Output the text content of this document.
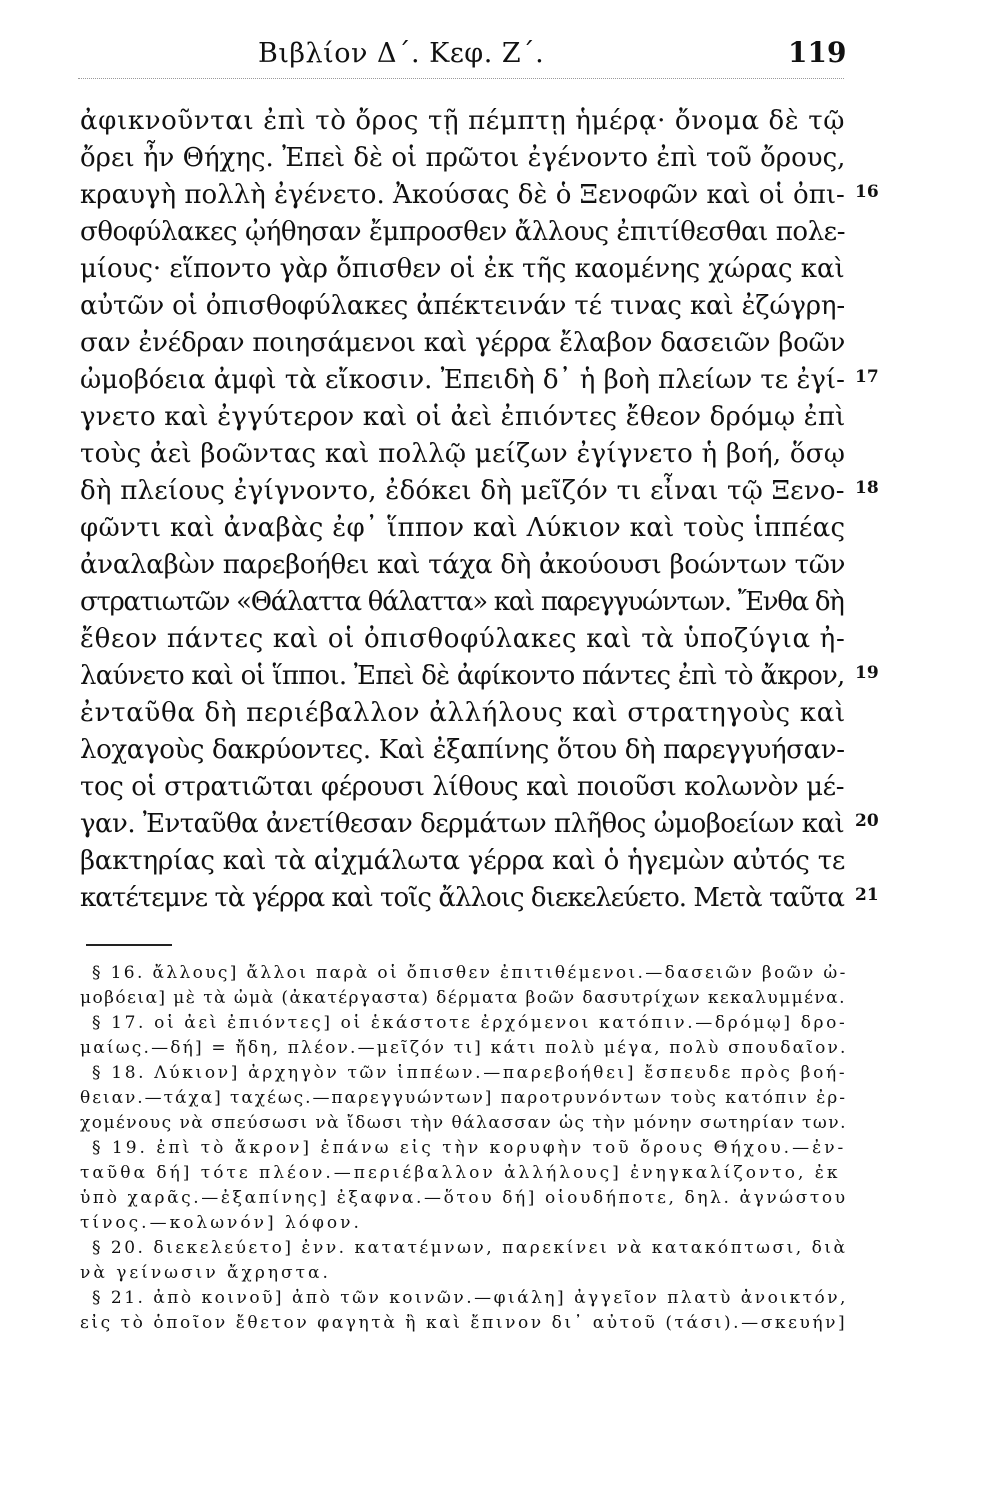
Βιβλίον Δ΄. Κεφ. Ζ΄.	119
ἀφικνοῦνται ἐπὶ τὸ ὄρος τῇ πέμπτῃ ἡμέρᾳ· ὄνομα δὲ τῷ
ὄρει ἦν Θήχης. Ἐπεὶ δὲ οἱ πρῶτοι ἐγένοντο ἐπὶ τοῦ ὄρους,
κραυγὴ πολλὴ ἐγένετο. Ἀκούσας δὲ ὁ Ξενοφῶν καὶ οἱ ὀπι-
σθοφύλακες ᾠήθησαν ἔμπροσθεν ἄλλους ἐπιτίθεσθαι πολε-
μίους· εἵποντο γὰρ ὄπισθεν οἱ ἐκ τῆς καομένης χώρας καὶ
αὐτῶν οἱ ὀπισθοφύλακες ἀπέκτεινάν τέ τινας καὶ ἐζώγρη-
σαν ἐνέδραν ποιησάμενοι καὶ γέρρα ἔλαβον δασειῶν βοῶν
ὠμοβόεια ἀμφὶ τὰ εἴκοσιν. Ἐπειδὴ δ᾽ ἡ βοὴ πλείων τε ἐγί-
γνετο καὶ ἐγγύτερον καὶ οἱ ἀεὶ ἐπιόντες ἔθεον δρόμῳ ἐπὶ
τοὺς ἀεὶ βοῶντας καὶ πολλῷ μείζων ἐγίγνετο ἡ βοή, ὅσῳ
δὴ πλείους ἐγίγνοντο, ἐδόκει δὴ μεῖζόν τι εἶναι τῷ Ξενο-
φῶντι καὶ ἀναβὰς ἐφ᾽ ἵππον καὶ Λύκιον καὶ τοὺς ἱππέας
ἀναλαβὼν παρεβοήθει καὶ τάχα δὴ ἀκούουσι βοώντων τῶν
στρατιωτῶν «Θάλαττα θάλαττα» καὶ παρεγγυώντων. Ἔνθα δὴ
ἔθεον πάντες καὶ οἱ ὀπισθοφύλακες καὶ τὰ ὑποζύγια ἠ-
λαύνετο καὶ οἱ ἵπποι. Ἐπεὶ δὲ ἀφίκοντο πάντες ἐπὶ τὸ ἄκρον,
ἐνταῦθα δὴ περιέβαλλον ἀλλήλους καὶ στρατηγοὺς καὶ
λοχαγοὺς δακρύοντες. Καὶ ἐξαπίνης ὅτου δὴ παρεγγυήσαν-
τος οἱ στρατιῶται φέρουσι λίθους καὶ ποιοῦσι κολωνὸν μέ-
γαν. Ἐνταῦθα ἀνετίθεσαν δερμάτων πλῆθος ὠμοβοείων καὶ
βακτηρίας καὶ τὰ αἰχμάλωτα γέρρα καὶ ὁ ἡγεμὼν αὐτός τε
κατέτεμνε τὰ γέρρα καὶ τοῖς ἄλλοις διεκελεύετο. Μετὰ ταῦτα
16
17
18
19
20
21
§ 16. ἄλλους] ἄλλοι παρὰ οἱ ὄπισθεν ἐπιτιθέμενοι.—δασειῶν βοῶν ὠ-
μοβόεια] μὲ τὰ ὠμὰ (ἀκατέργαστα) δέρματα βοῶν δασυτρίχων κεκαλυμμένα.
§ 17. οἱ ἀεὶ ἐπιόντες] οἱ ἑκάστοτε ἐρχόμενοι κατόπιν.—δρόμῳ] δρο-
μαίως.—δή] = ἤδη, πλέον.—μεῖζόν τι] κάτι πολὺ μέγα, πολὺ σπουδαῖον.
§ 18. Λύκιον] ἀρχηγὸν τῶν ἱππέων.—παρεβοήθει] ἔσπευδε πρὸς βοή-
θειαν.—τάχα] ταχέως.—παρεγγυώντων] παροτρυνόντων τοὺς κατόπιν ἐρ-
χομένους νὰ σπεύσωσι νὰ ἴδωσι τὴν θάλασσαν ὡς τὴν μόνην σωτηρίαν των.
§ 19. ἐπὶ τὸ ἄκρον] ἐπάνω εἰς τὴν κορυφὴν τοῦ ὄρους Θήχου.—ἐν-
ταῦθα δή] τότε πλέον.—περιέβαλλον ἀλλήλους] ἐνηγκαλίζοντο, ἐκ
ὑπὸ χαρᾶς.—ἐξαπίνης] ἐξαφνα.—ὅτου δή] οἱουδήποτε, δηλ. ἀγνώστου
τίνος.—κολωνόν] λόφον.
§ 20. διεκελεύετο] ἐνν. κατατέμνων, παρεκίνει νὰ κατακόπτωσι, διὰ
νὰ γείνωσιν ἄχρηστα.
§ 21. ἀπὸ κοινοῦ] ἀπὸ τῶν κοινῶν.—φιάλη] ἀγγεῖον πλατὺ ἀνοικτόν,
εἰς τὸ ὁποῖον ἔθετον φαγητὰ ἢ καὶ ἔπινον δι᾽ αὐτοῦ (τάσι).—σκευήν]
